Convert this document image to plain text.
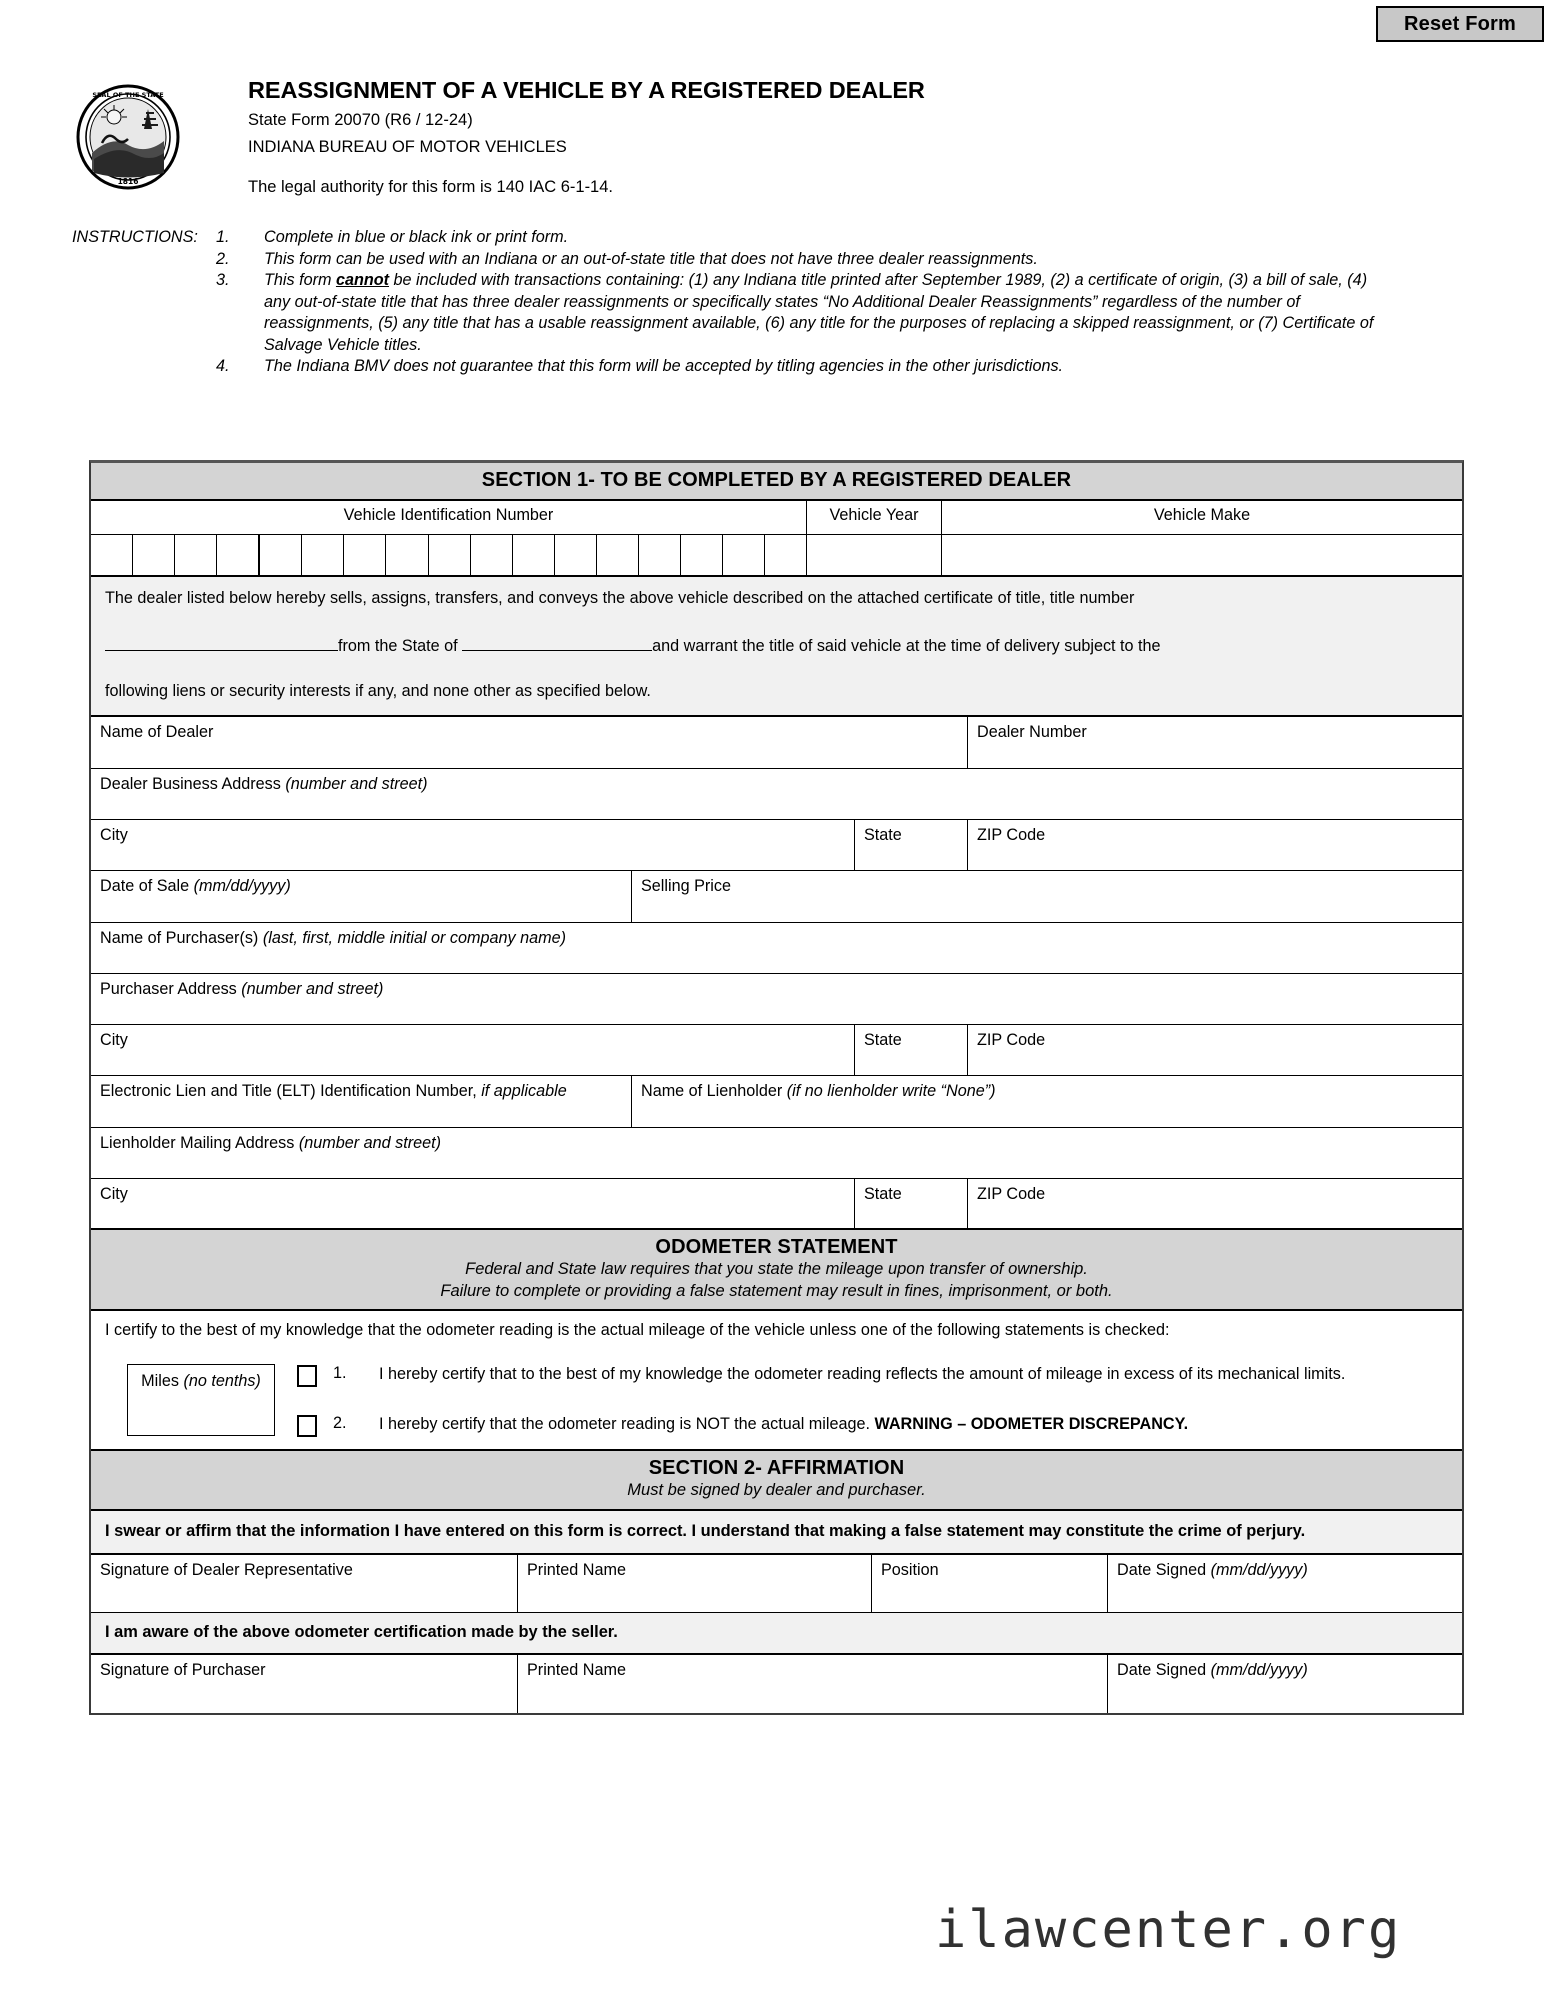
Reset Form
SEAL OF THE STATE
1816
REASSIGNMENT OF A VEHICLE BY A REGISTERED DEALER
State Form 20070 (R6 / 12-24)
INDIANA BUREAU OF MOTOR VEHICLES
The legal authority for this form is 140 IAC 6-1-14.
INSTRUCTIONS: 1.	Complete in blue or black ink or print form.
2.	This form can be used with an Indiana or an out-of-state title that does not have three dealer reassignments.
3.	This form cannot be included with transactions containing: (1) any Indiana title printed after September 1989, (2) a certificate of origin, (3) a bill of sale, (4) any out-of-state title that has three dealer reassignments or specifically states “No Additional Dealer Reassignments” regardless of the number of reassignments, (5) any title that has a usable reassignment available, (6) any title for the purposes of replacing a skipped reassignment, or (7) Certificate of Salvage Vehicle titles.
4.	The Indiana BMV does not guarantee that this form will be accepted by titling agencies in the other jurisdictions.
SECTION 1- TO BE COMPLETED BY A REGISTERED DEALER
Vehicle Identification Number	Vehicle Year	Vehicle Make
The dealer listed below hereby sells, assigns, transfers, and conveys the above vehicle described on the attached certificate of title, title number
from the State of	and warrant the title of said vehicle at the time of delivery subject to the
following liens or security interests if any, and none other as specified below.
Name of Dealer	Dealer Number
Dealer Business Address (number and street)
City	State	ZIP Code
Date of Sale (mm/dd/yyyy)	Selling Price
Name of Purchaser(s) (last, first, middle initial or company name)
Purchaser Address (number and street)
City	State	ZIP Code
Electronic Lien and Title (ELT) Identification Number, if applicable	Name of Lienholder (if no lienholder write “None”)
Lienholder Mailing Address (number and street)
City	State	ZIP Code
ODOMETER STATEMENT
Federal and State law requires that you state the mileage upon transfer of ownership.
Failure to complete or providing a false statement may result in fines, imprisonment, or both.
I certify to the best of my knowledge that the odometer reading is the actual mileage of the vehicle unless one of the following statements is checked:
Miles (no tenths)	1.	I hereby certify that to the best of my knowledge the odometer reading reflects the amount of mileage in excess of its mechanical limits.
2.	I hereby certify that the odometer reading is NOT the actual mileage. WARNING – ODOMETER DISCREPANCY.
SECTION 2- AFFIRMATION
Must be signed by dealer and purchaser.
I swear or affirm that the information I have entered on this form is correct. I understand that making a false statement may constitute the crime of perjury.
Signature of Dealer Representative	Printed Name	Position	Date Signed (mm/dd/yyyy)
I am aware of the above odometer certification made by the seller.
Signature of Purchaser	Printed Name	Date Signed (mm/dd/yyyy)
ilawcenter.org
